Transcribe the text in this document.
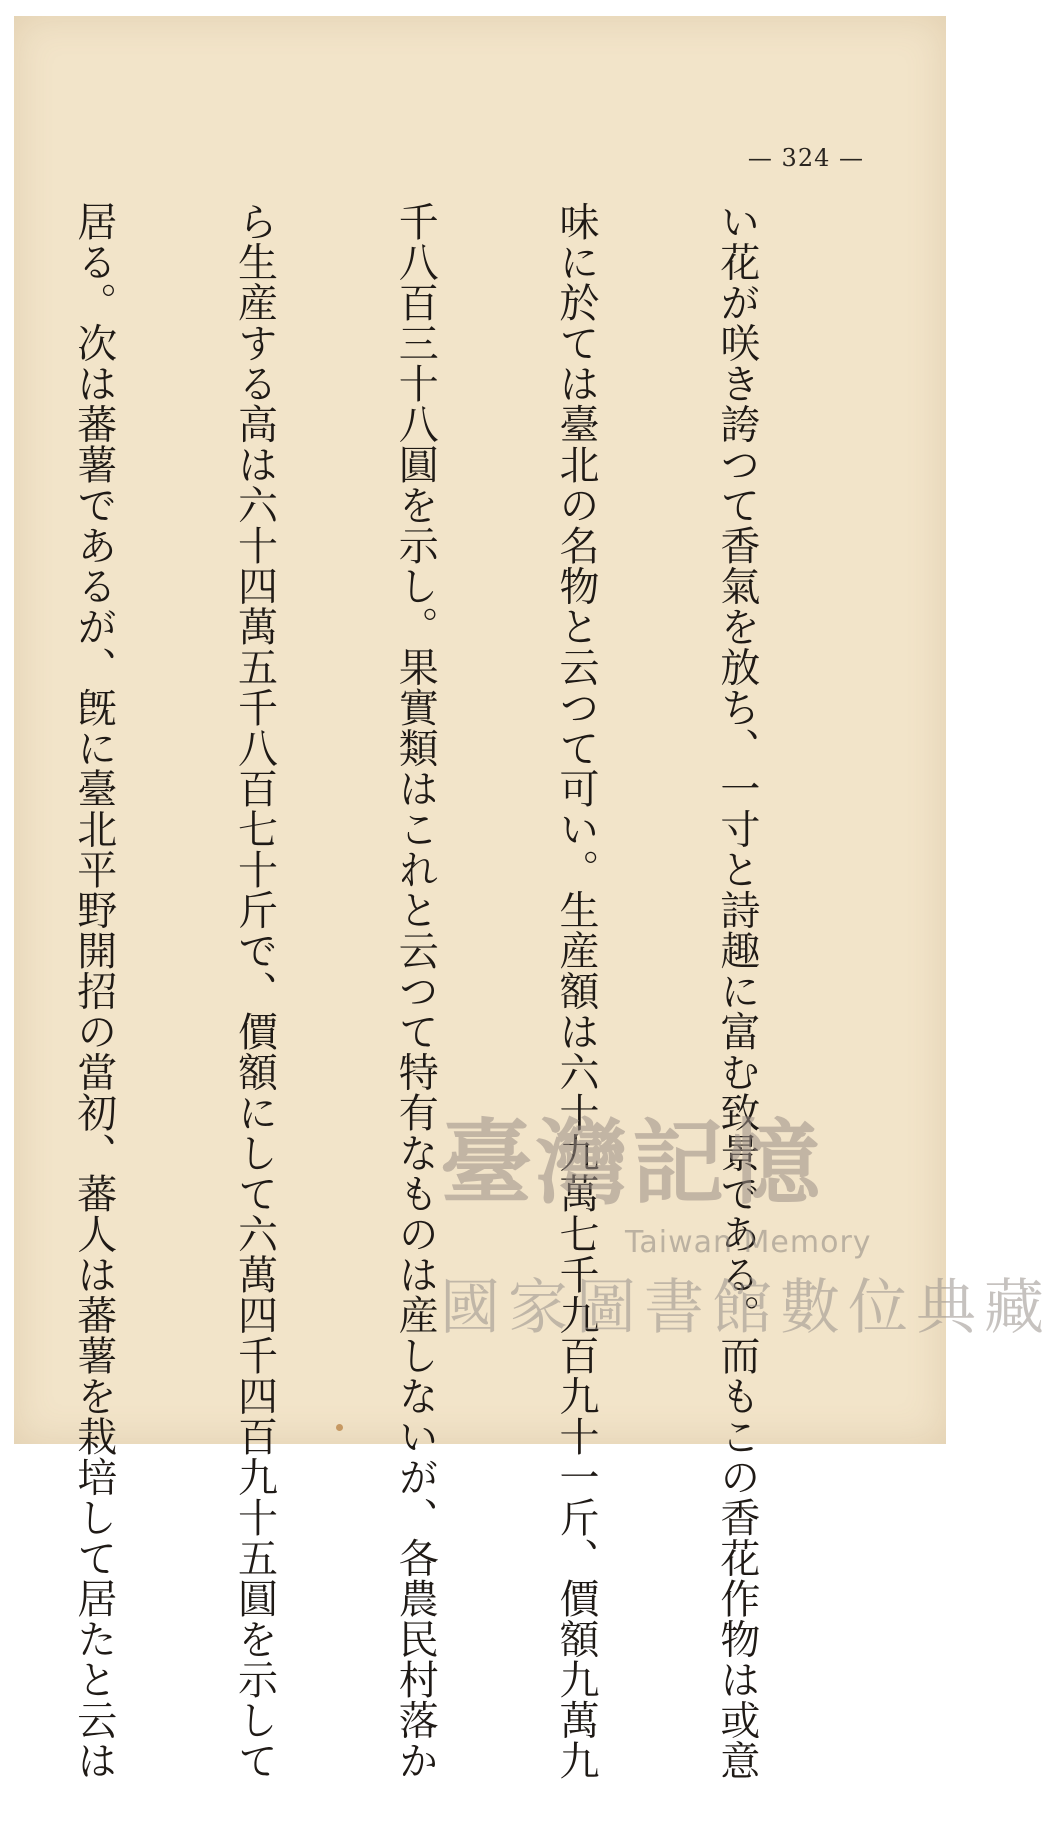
— 324 —

い花が咲き誇つて香氣を放ち、一寸と詩趣に富む致景である。而もこの香花作物は或意

味に於ては臺北の名物と云つて可い。生産額は六十九萬七千九百九十一斤、價額九萬九

千八百三十八圓を示し。果實類はこれと云つて特有なものは産しないが、各農民村落か

ら生産する高は六十四萬五千八百七十斤で、價額にして六萬四千四百九十五圓を示して

居る。次は蕃薯であるが、旣に臺北平野開招の當初、蕃人は蕃薯を栽培して居たと云は

	臺灣記憶
Taiwan Memory
國家圖書館數位典藏
